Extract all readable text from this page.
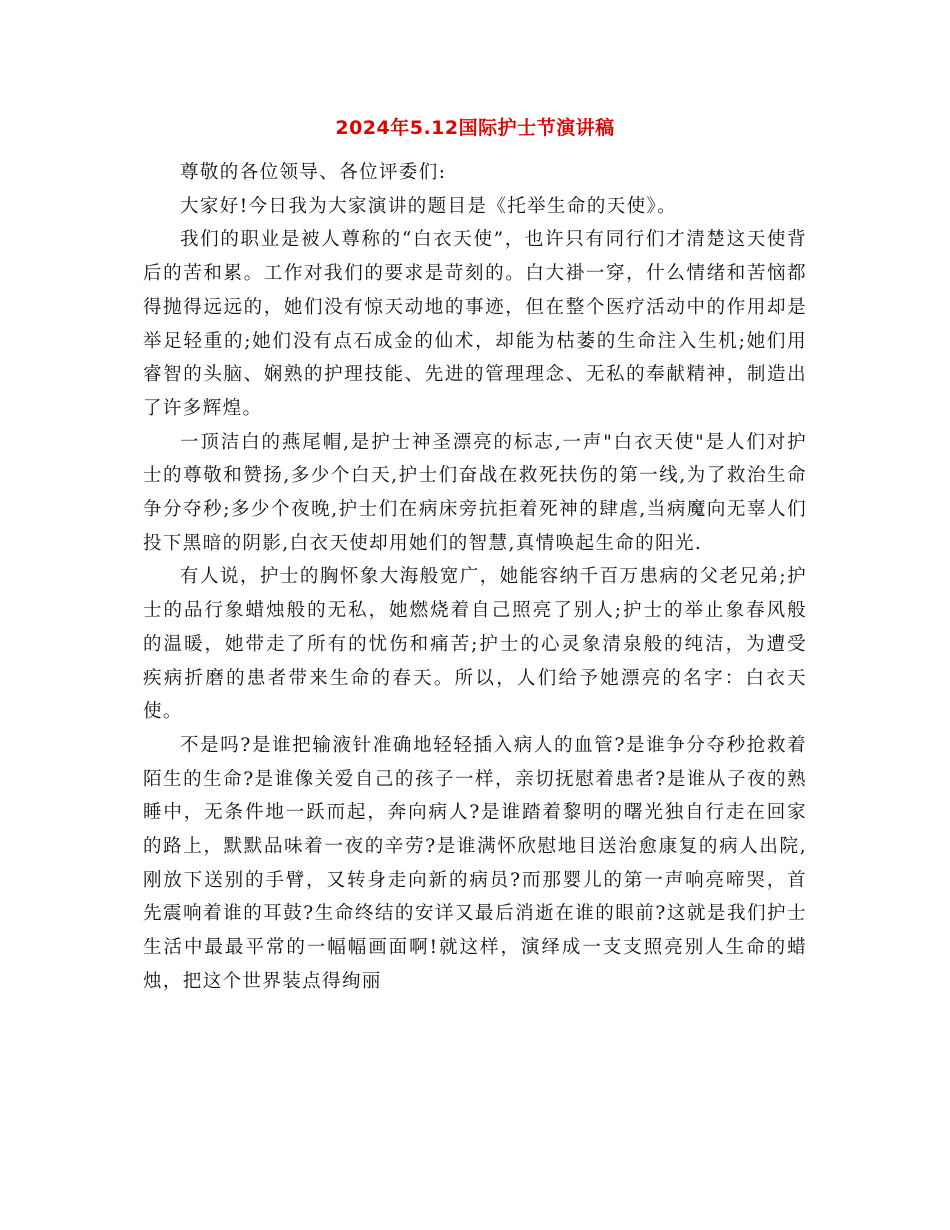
2024年5.12国际护士节演讲稿

尊敬的各位领导、各位评委们:

大家好!今日我为大家演讲的题目是《托举生命的天使》。

我们的职业是被人尊称的“白衣天使”，也许只有同行们才清楚这天使背后的苦和累。工作对我们的要求是苛刻的。白大褂一穿，什么情绪和苦恼都得抛得远远的，她们没有惊天动地的事迹，但在整个医疗活动中的作用却是举足轻重的;她们没有点石成金的仙术，却能为枯萎的生命注入生机;她们用睿智的头脑、娴熟的护理技能、先进的管理理念、无私的奉献精神，制造出了许多辉煌。

一顶洁白的燕尾帽,是护士神圣漂亮的标志,一声"白衣天使"是人们对护士的尊敬和赞扬,多少个白天,护士们奋战在救死扶伤的第一线,为了救治生命争分夺秒;多少个夜晚,护士们在病床旁抗拒着死神的肆虐,当病魔向无辜人们投下黑暗的阴影,白衣天使却用她们的智慧,真情唤起生命的阳光.

有人说，护士的胸怀象大海般宽广，她能容纳千百万患病的父老兄弟;护士的品行象蜡烛般的无私，她燃烧着自己照亮了别人;护士的举止象春风般的温暖，她带走了所有的忧伤和痛苦;护士的心灵象清泉般的纯洁，为遭受疾病折磨的患者带来生命的春天。所以，人们给予她漂亮的名字：白衣天使。

不是吗?是谁把输液针准确地轻轻插入病人的血管?是谁争分夺秒抢救着陌生的生命?是谁像关爱自己的孩子一样，亲切抚慰着患者?是谁从子夜的熟睡中，无条件地一跃而起，奔向病人?是谁踏着黎明的曙光独自行走在回家的路上，默默品味着一夜的辛劳?是谁满怀欣慰地目送治愈康复的病人出院,刚放下送别的手臂，又转身走向新的病员?而那婴儿的第一声响亮啼哭，首先震响着谁的耳鼓?生命终结的安详又最后消逝在谁的眼前?这就是我们护士生活中最最平常的一幅幅画面啊!就这样，演绎成一支支照亮别人生命的蜡烛，把这个世界装点得绚丽
